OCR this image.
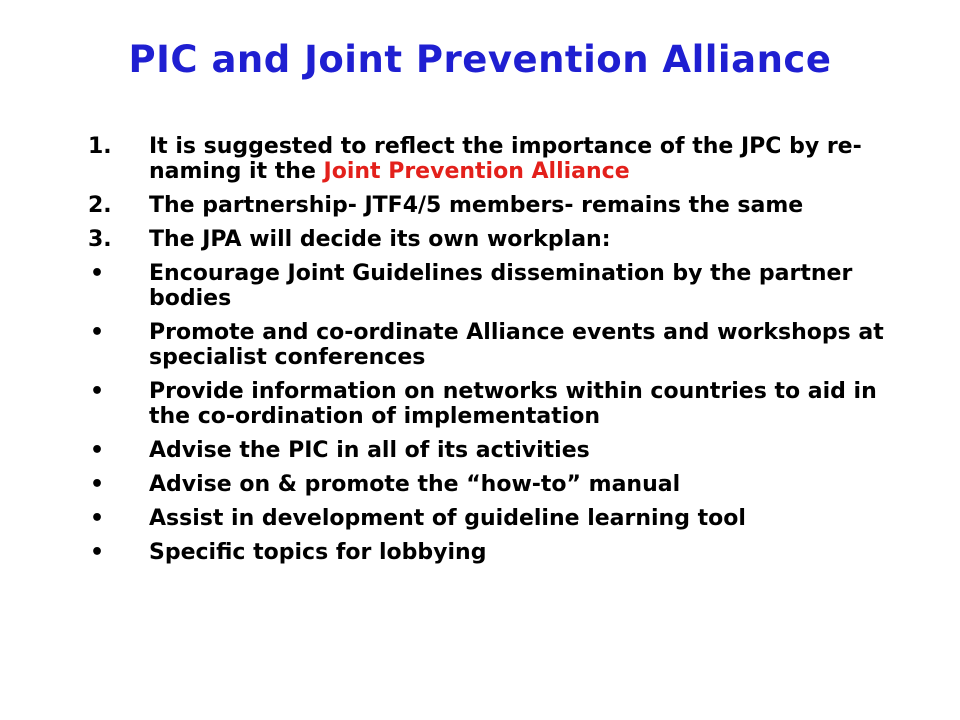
PIC and Joint Prevention Alliance
1.	It is suggested to reflect the importance of the JPC by re-naming it the Joint Prevention Alliance
2.	The partnership- JTF4/5 members- remains the same
3.	The JPA will decide its own workplan:
•	Encourage Joint Guidelines dissemination by the partner bodies
•	Promote and co-ordinate Alliance events and workshops at specialist conferences
•	Provide information on networks within countries to aid in the co-ordination of implementation
•	Advise the PIC in all of its activities
•	Advise on & promote the “how-to” manual
•	Assist in development of guideline learning tool
•	Specific topics for lobbying
